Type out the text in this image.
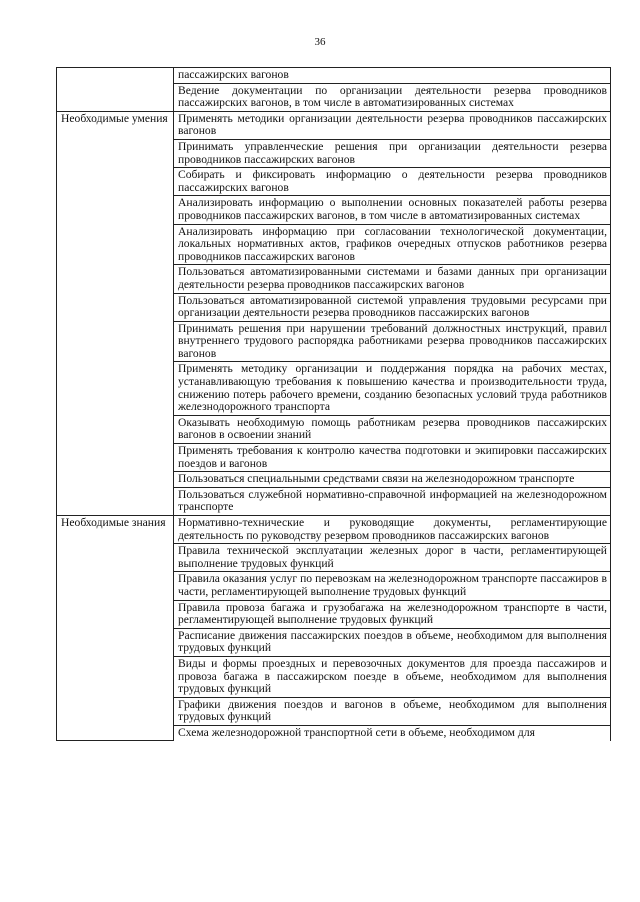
36
	пассажирских вагонов
	Ведение документации по организации деятельности резерва проводников пассажирских вагонов, в том числе в автоматизированных системах
Необходимые умения	Применять методики организации деятельности резерва проводников пассажирских вагонов
	Принимать управленческие решения при организации деятельности резерва проводников пассажирских вагонов
	Собирать и фиксировать информацию о деятельности резерва проводников пассажирских вагонов
	Анализировать информацию о выполнении основных показателей работы резерва проводников пассажирских вагонов, в том числе в автоматизированных системах
	Анализировать информацию при согласовании технологической документации, локальных нормативных актов, графиков очередных отпусков работников резерва проводников пассажирских вагонов
	Пользоваться автоматизированными системами и базами данных при организации деятельности резерва проводников пассажирских вагонов
	Пользоваться автоматизированной системой управления трудовыми ресурсами при организации деятельности резерва проводников пассажирских вагонов
	Принимать решения при нарушении требований должностных инструкций, правил внутреннего трудового распорядка работниками резерва проводников пассажирских вагонов
	Применять методику организации и поддержания порядка на рабочих местах, устанавливающую требования к повышению качества и производительности труда, снижению потерь рабочего времени, созданию безопасных условий труда работников железнодорожного транспорта
	Оказывать необходимую помощь работникам резерва проводников пассажирских вагонов в освоении знаний
	Применять требования к контролю качества подготовки и экипировки пассажирских поездов и вагонов
	Пользоваться специальными средствами связи на железнодорожном транспорте
	Пользоваться служебной нормативно-справочной информацией на железнодорожном транспорте
Необходимые знания	Нормативно-технические и руководящие документы, регламентирующие деятельность по руководству резервом проводников пассажирских вагонов
	Правила технической эксплуатации железных дорог в части, регламентирующей выполнение трудовых функций
	Правила оказания услуг по перевозкам на железнодорожном транспорте пассажиров в части, регламентирующей выполнение трудовых функций
	Правила провоза багажа и грузобагажа на железнодорожном транспорте в части, регламентирующей выполнение трудовых функций
	Расписание движения пассажирских поездов в объеме, необходимом для выполнения трудовых функций
	Виды и формы проездных и перевозочных документов для проезда пассажиров и провоза багажа в пассажирском поезде в объеме, необходимом для выполнения трудовых функций
	Графики движения поездов и вагонов в объеме, необходимом для выполнения трудовых функций
	Схема железнодорожной транспортной сети в объеме, необходимом для
